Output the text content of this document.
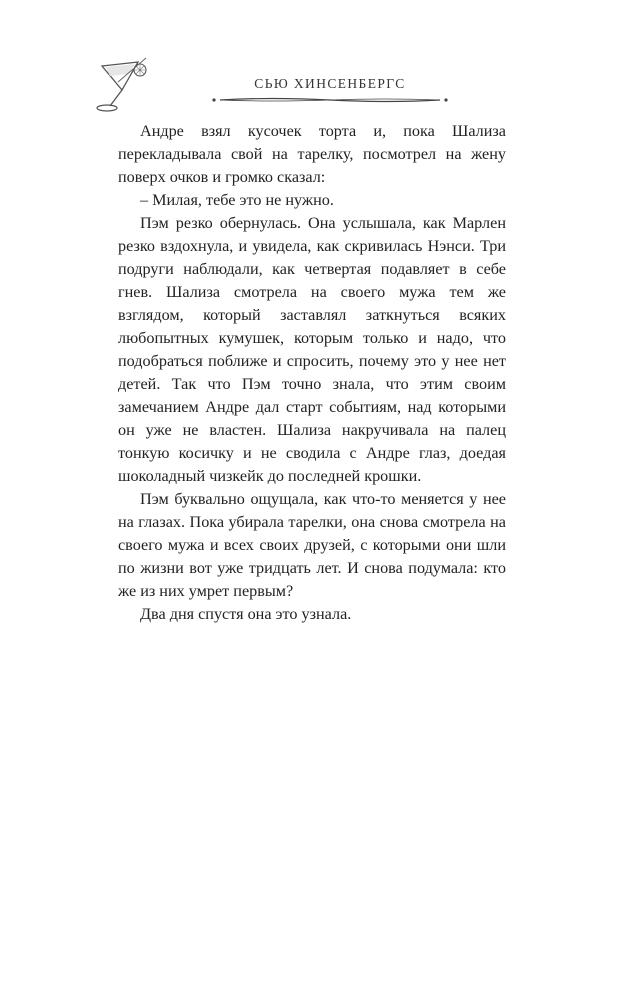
СЬЮ ХИНСЕНБЕРГС

Андре взял кусочек торта и, пока Шализа перекладывала свой на тарелку, посмотрел на жену поверх очков и громко сказал:

– Милая, тебе это не нужно.

Пэм резко обернулась. Она услышала, как Марлен резко вздохнула, и увидела, как скривилась Нэнси. Три подруги наблюдали, как четвертая подавляет в себе гнев. Шализа смотрела на своего мужа тем же взглядом, который заставлял заткнуться всяких любопытных кумушек, которым только и надо, что подобраться поближе и спросить, почему это у нее нет детей. Так что Пэм точно знала, что этим своим замечанием Андре дал старт событиям, над которыми он уже не властен. Шализа накручивала на палец тонкую косичку и не сводила с Андре глаз, доедая шоколадный чизкейк до последней крошки.

Пэм буквально ощущала, как что-то меняется у нее на глазах. Пока убирала тарелки, она снова смотрела на своего мужа и всех своих друзей, с которыми они шли по жизни вот уже тридцать лет. И снова подумала: кто же из них умрет первым?

Два дня спустя она это узнала.
